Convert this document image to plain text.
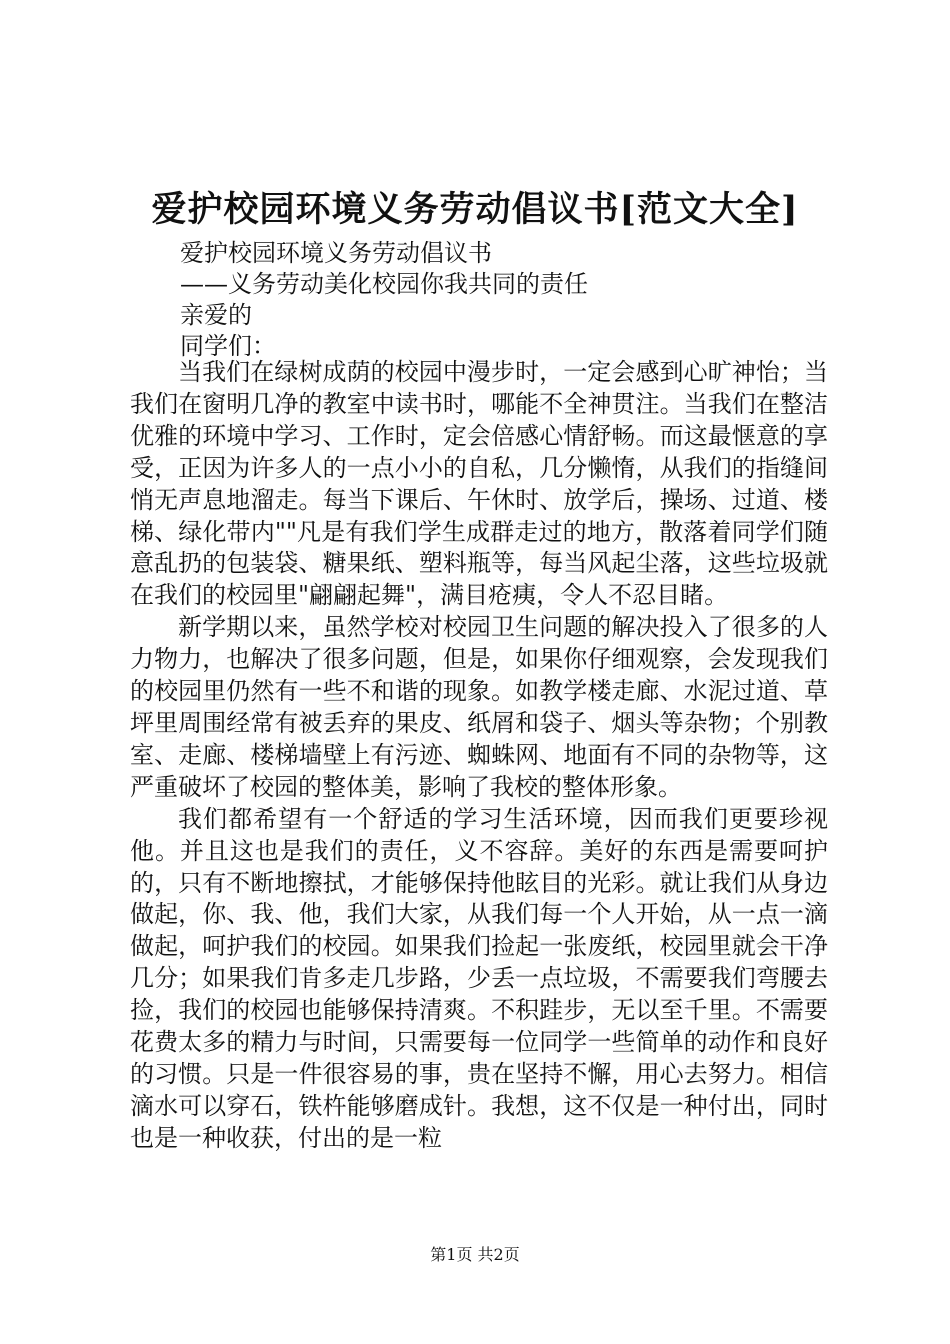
爱护校园环境义务劳动倡议书[范文大全]
爱护校园环境义务劳动倡议书
——义务劳动美化校园你我共同的责任
亲爱的
同学们：

当我们在绿树成荫的校园中漫步时，一定会感到心旷神怡；当我们在窗明几净的教室中读书时，哪能不全神贯注。当我们在整洁优雅的环境中学习、工作时，定会倍感心情舒畅。而这最惬意的享受，正因为许多人的一点小小的自私，几分懒惰，从我们的指缝间悄无声息地溜走。每当下课后、午休时、放学后，操场、过道、楼梯、绿化带内""凡是有我们学生成群走过的地方，散落着同学们随意乱扔的包装袋、糖果纸、塑料瓶等，每当风起尘落，这些垃圾就在我们的校园里"翩翩起舞"，满目疮痍，令人不忍目睹。

新学期以来，虽然学校对校园卫生问题的解决投入了很多的人力物力，也解决了很多问题，但是，如果你仔细观察，会发现我们的校园里仍然有一些不和谐的现象。如教学楼走廊、水泥过道、草坪里周围经常有被丢弃的果皮、纸屑和袋子、烟头等杂物；个别教室、走廊、楼梯墙壁上有污迹、蜘蛛网、地面有不同的杂物等，这严重破坏了校园的整体美，影响了我校的整体形象。

我们都希望有一个舒适的学习生活环境，因而我们更要珍视他。并且这也是我们的责任，义不容辞。美好的东西是需要呵护的，只有不断地擦拭，才能够保持他眩目的光彩。就让我们从身边做起，你、我、他，我们大家，从我们每一个人开始，从一点一滴做起，呵护我们的校园。如果我们捡起一张废纸，校园里就会干净几分；如果我们肯多走几步路，少丢一点垃圾，不需要我们弯腰去捡，我们的校园也能够保持清爽。不积跬步，无以至千里。不需要花费太多的精力与时间，只需要每一位同学一些简单的动作和良好的习惯。只是一件很容易的事，贵在坚持不懈，用心去努力。相信滴水可以穿石，铁杵能够磨成针。我想，这不仅是一种付出，同时也是一种收获，付出的是一粒

第1页 共2页
